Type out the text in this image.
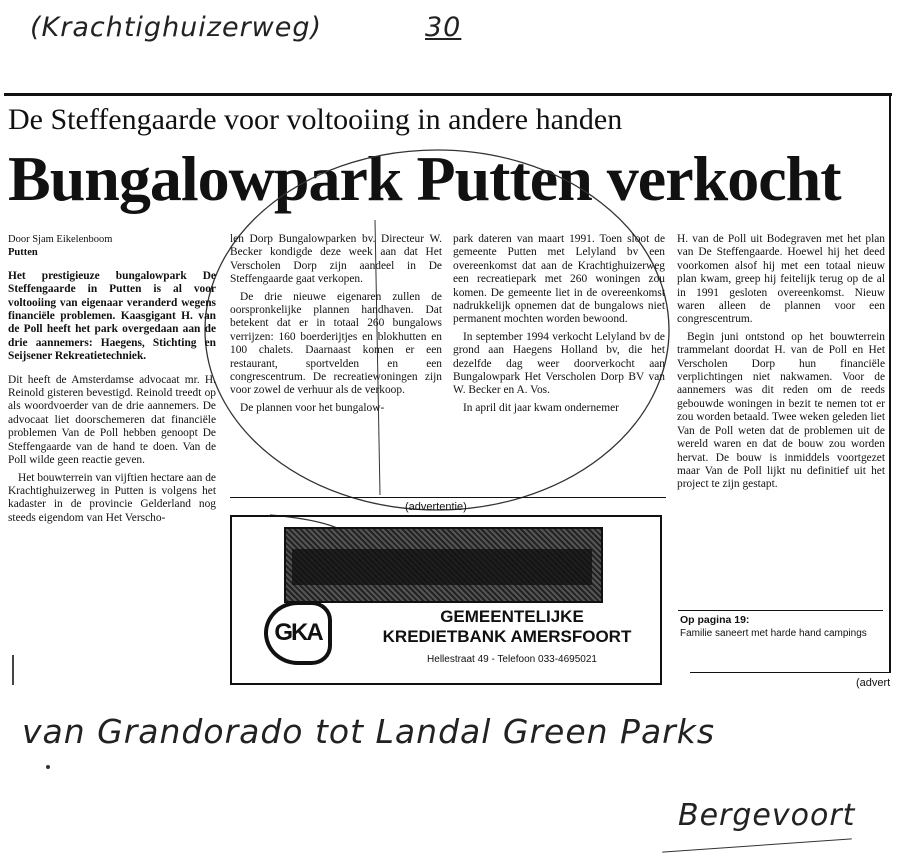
(Krachtighuizerweg)	30
De Steffengaarde voor voltooiing in andere handen
Bungalowpark Putten verkocht
Door Sjam Eikelenboom
Putten

Het prestigieuze bungalowpark De Steffengaarde in Putten is al voor voltooiing van eigenaar veranderd wegens financiële problemen. Kaasgigant H. van de Poll heeft het park overgedaan aan de drie aannemers: Haegens, Stichting en Seijsener Rekreatietechniek.

Dit heeft de Amsterdamse advocaat mr. H. Reinold gisteren bevestigd. Reinold treedt op als woordvoerder van de drie aannemers. De advocaat liet doorschemeren dat financiële problemen Van de Poll hebben genoopt De Steffengaarde van de hand te doen. Van de Poll wilde geen reactie geven.

Het bouwterrein van vijftien hectare aan de Krachtighuizerweg in Putten is volgens het kadaster in de provincie Gelderland nog steeds eigendom van Het Verscho-

len Dorp Bungalowparken bv. Directeur W. Becker kondigde deze week aan dat Het Verscholen Dorp zijn aandeel in De Steffengaarde gaat verkopen.

De drie nieuwe eigenaren zullen de oorspronkelijke plannen handhaven. Dat betekent dat er in totaal 260 bungalows verrijzen: 160 boerderijtjes en blokhutten en 100 chalets. Daarnaast komen er een restaurant, sportvelden en een congrescentrum. De recreatiewoningen zijn voor zowel de verhuur als de verkoop.

De plannen voor het bungalow-

park dateren van maart 1991. Toen sloot de gemeente Putten met Lelyland bv een overeenkomst dat aan de Krachtighuizerweg een recreatiepark met 260 woningen zou komen. De gemeente liet in de overeenkomst nadrukkelijk opnemen dat de bungalows niet permanent mochten worden bewoond.

In september 1994 verkocht Lelyland bv de grond aan Haegens Holland bv, die het dezelfde dag weer doorverkocht aan Bungalowpark Het Verscholen Dorp BV van W. Becker en A. Vos.

In april dit jaar kwam ondernemer

H. van de Poll uit Bodegraven met het plan van De Steffengaarde. Hoewel hij het deed voorkomen alsof hij met een totaal nieuw plan kwam, greep hij feitelijk terug op de al in 1991 gesloten overeenkomst. Nieuw waren alleen de plannen voor een congrescentrum.

Begin juni ontstond op het bouwterrein trammelant doordat H. van de Poll en Het Verscholen Dorp hun financiële verplichtingen niet nakwamen. Voor de aannemers was dit reden om de reeds gebouwde woningen in bezit te nemen tot er zou worden betaald. Twee weken geleden liet Van de Poll weten dat de problemen uit de wereld waren en dat de bouw zou worden hervat. De bouw is inmiddels voortgezet maar Van de Poll lijkt nu definitief uit het project te zijn gestapt.

Op pagina 19:
Familie saneert met harde hand campings
(advertentie)
GKA
GEMEENTELIJKE
KREDIETBANK AMERSFOORT
Hellestraat 49 - Telefoon 033-4695021
(advert
van Grandorado tot Landal Green Parks
Bergevoort
